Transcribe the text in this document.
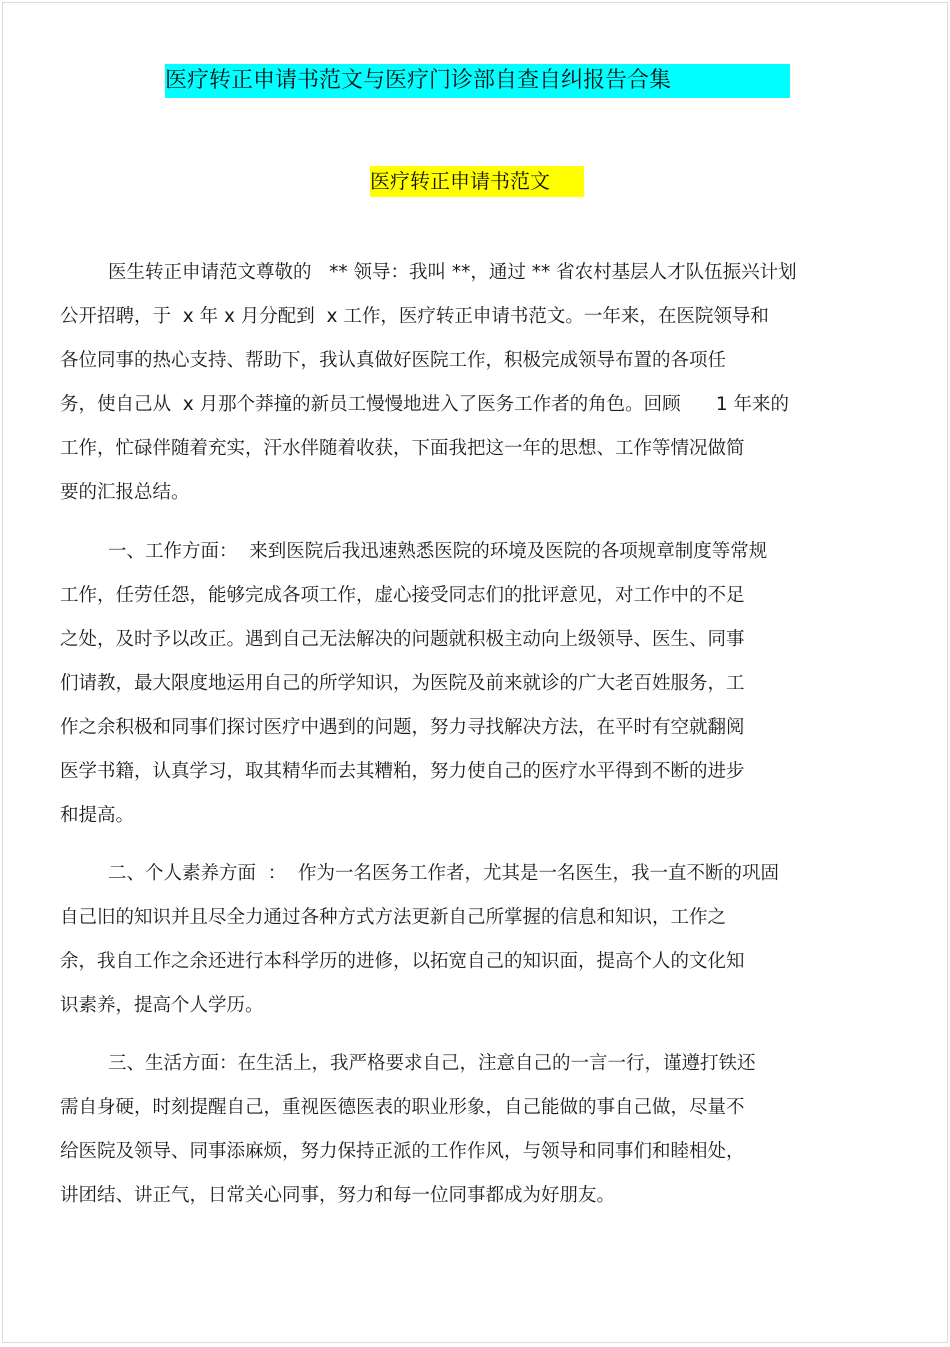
医疗转正申请书范文与医疗门诊部自查自纠报告合集
医疗转正申请书范文
医生转正申请范文尊敬的   ** 领导：我叫 **，通过 ** 省农村基层人才队伍振兴计划
公开招聘，于  x 年 x 月分配到  x 工作，医疗转正申请书范文。一年来，在医院领导和
各位同事的热心支持、帮助下，我认真做好医院工作，积极完成领导布置的各项任
务，使自己从  x 月那个莽撞的新员工慢慢地进入了医务工作者的角色。回顾      1 年来的
工作，忙碌伴随着充实，汗水伴随着收获，下面我把这一年的思想、工作等情况做简
要的汇报总结。
一、工作方面：  来到医院后我迅速熟悉医院的环境及医院的各项规章制度等常规
工作，任劳任怨，能够完成各项工作，虚心接受同志们的批评意见，对工作中的不足
之处，及时予以改正。遇到自己无法解决的问题就积极主动向上级领导、医生、同事
们请教，最大限度地运用自己的所学知识，为医院及前来就诊的广大老百姓服务，工
作之余积极和同事们探讨医疗中遇到的问题，努力寻找解决方法，在平时有空就翻阅
医学书籍，认真学习，取其精华而去其糟粕，努力使自己的医疗水平得到不断的进步
和提高。
二、个人素养方面  ：  作为一名医务工作者，尤其是一名医生，我一直不断的巩固
自己旧的知识并且尽全力通过各种方式方法更新自己所掌握的信息和知识，工作之
余，我自工作之余还进行本科学历的进修，以拓宽自己的知识面，提高个人的文化知
识素养，提高个人学历。
三、生活方面：在生活上，我严格要求自己，注意自己的一言一行，谨遵打铁还
需自身硬，时刻提醒自己，重视医德医表的职业形象，自己能做的事自己做，尽量不
给医院及领导、同事添麻烦，努力保持正派的工作作风，与领导和同事们和睦相处，
讲团结、讲正气，日常关心同事，努力和每一位同事都成为好朋友。
